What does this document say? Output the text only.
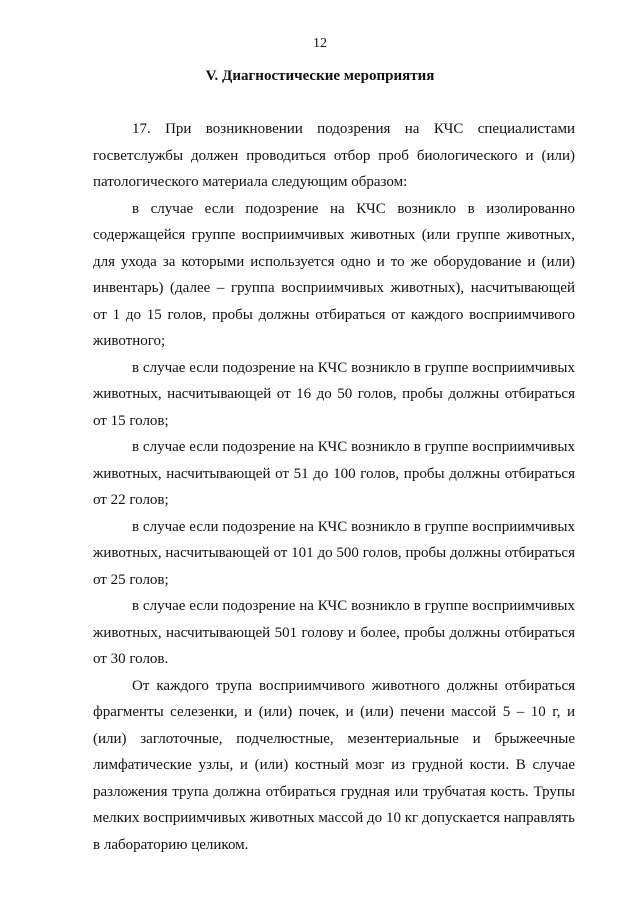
12
V. Диагностические мероприятия

17. При возникновении подозрения на КЧС специалистами госветслужбы должен проводиться отбор проб биологического и (или) патологического материала следующим образом:

в случае если подозрение на КЧС возникло в изолированно содержащейся группе восприимчивых животных (или группе животных, для ухода за которыми используется одно и то же оборудование и (или) инвентарь) (далее – группа восприимчивых животных), насчитывающей от 1 до 15 голов, пробы должны отбираться от каждого восприимчивого животного;

в случае если подозрение на КЧС возникло в группе восприимчивых животных, насчитывающей от 16 до 50 голов, пробы должны отбираться от 15 голов;

в случае если подозрение на КЧС возникло в группе восприимчивых животных, насчитывающей от 51 до 100 голов, пробы должны отбираться от 22 голов;

в случае если подозрение на КЧС возникло в группе восприимчивых животных, насчитывающей от 101 до 500 голов, пробы должны отбираться от 25 голов;

в случае если подозрение на КЧС возникло в группе восприимчивых животных, насчитывающей 501 голову и более, пробы должны отбираться от 30 голов.

От каждого трупа восприимчивого животного должны отбираться фрагменты селезенки, и (или) почек, и (или) печени массой 5 – 10 г, и (или) заглоточные, подчелюстные, мезентериальные и брыжеечные лимфатические узлы, и (или) костный мозг из грудной кости. В случае разложения трупа должна отбираться грудная или трубчатая кость. Трупы мелких восприимчивых животных массой до 10 кг допускается направлять в лабораторию целиком.
